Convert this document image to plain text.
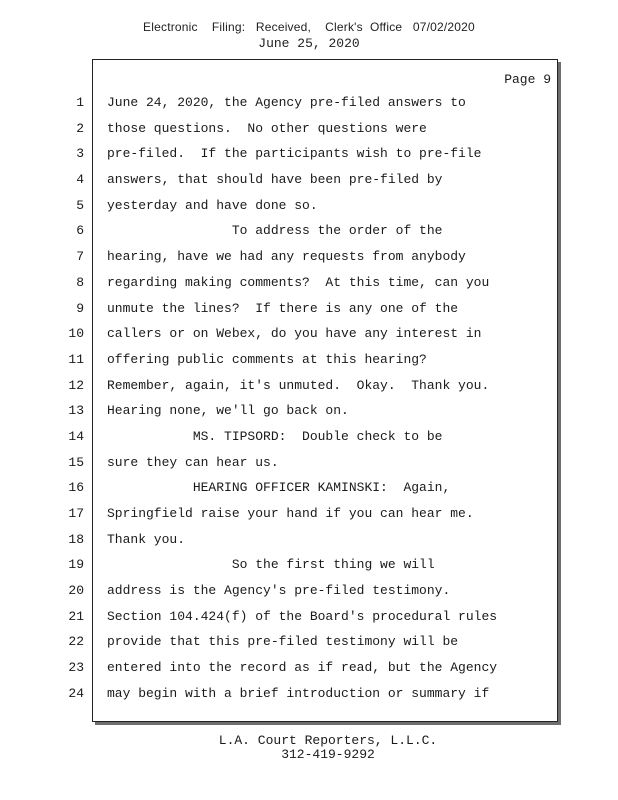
Electronic    Filing:   Received,    Clerk's  Office   07/02/2020
June 25, 2020
Page 9
1
2
3
4
5
6
7
8
9
10
11
12
13
14
15
16
17
18
19
20
21
22
23
24
June 24, 2020, the Agency pre-filed answers to
those questions.  No other questions were
pre-filed.  If the participants wish to pre-file
answers, that should have been pre-filed by
yesterday and have done so.
To address the order of the
hearing, have we had any requests from anybody
regarding making comments?  At this time, can you
unmute the lines?  If there is any one of the
callers or on Webex, do you have any interest in
offering public comments at this hearing?
Remember, again, it's unmuted.  Okay.  Thank you.
Hearing none, we'll go back on.
MS. TIPSORD:  Double check to be
sure they can hear us.
HEARING OFFICER KAMINSKI:  Again,
Springfield raise your hand if you can hear me.
Thank you.
So the first thing we will
address is the Agency's pre-filed testimony.
Section 104.424(f) of the Board's procedural rules
provide that this pre-filed testimony will be
entered into the record as if read, but the Agency
may begin with a brief introduction or summary if
L.A. Court Reporters, L.L.C.
312-419-9292
